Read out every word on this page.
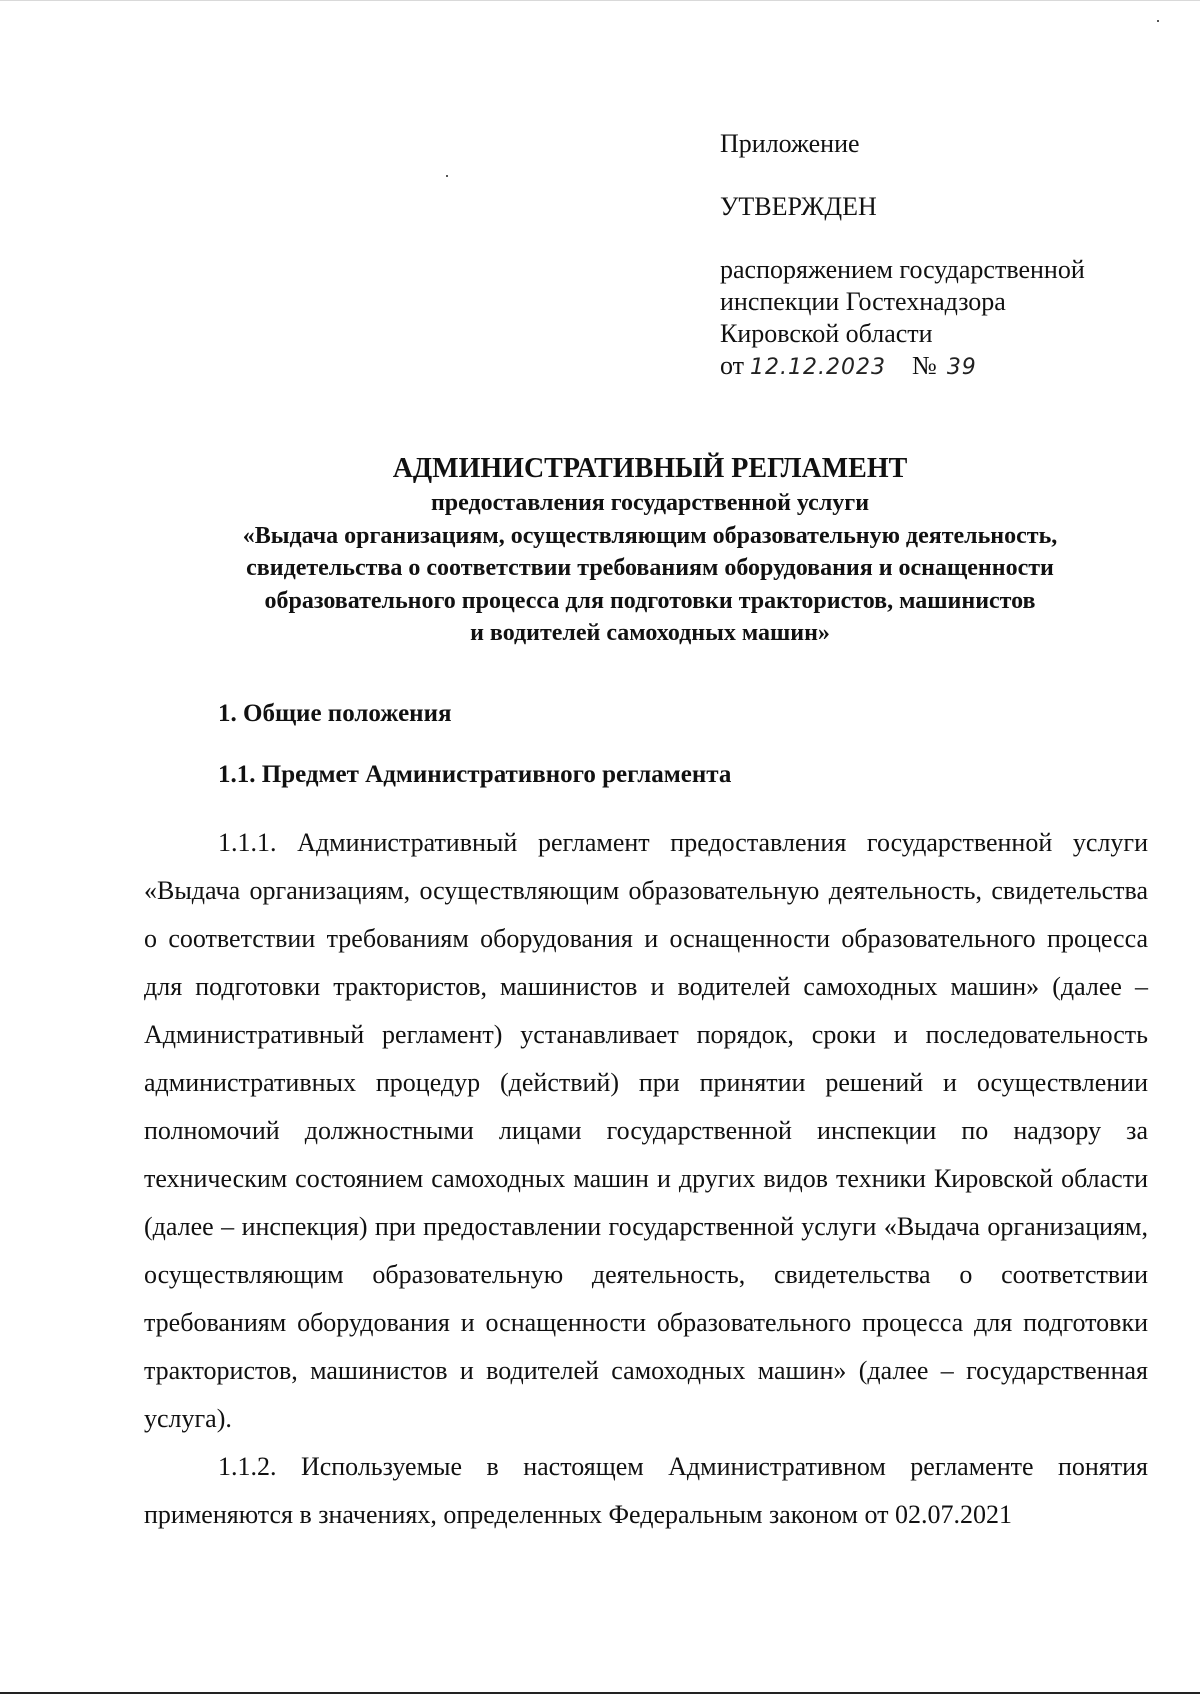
Приложение

УТВЕРЖДЕН

распоряжением государственной

инспекции Гостехнадзора

Кировской области

от 12.12.2023 № 39

АДМИНИСТРАТИВНЫЙ РЕГЛАМЕНТ

предоставления государственной услуги

«Выдача организациям, осуществляющим образовательную деятельность,

свидетельства о соответствии требованиям оборудования и оснащенности

образовательного процесса для подготовки трактористов, машинистов

и водителей самоходных машин»

1. Общие положения

1.1. Предмет Административного регламента

1.1.1. Административный регламент предоставления государственной услуги «Выдача организациям, осуществляющим образовательную деятельность, свидетельства о соответствии требованиям оборудования и оснащенности образовательного процесса для подготовки трактористов, машинистов и водителей самоходных машин» (далее – Административный регламент) устанавливает порядок, сроки и последовательность административных процедур (действий) при принятии решений и осуществлении полномочий должностными лицами государственной инспекции по надзору за техническим состоянием самоходных машин и других видов техники Кировской области (далее – инспекция) при предоставлении государственной услуги «Выдача организациям, осуществляющим образовательную деятельность, свидетельства о соответствии требованиям оборудования и оснащенности образовательного процесса для подготовки трактористов, машинистов и водителей самоходных машин» (далее – государственная услуга).

1.1.2. Используемые в настоящем Административном регламенте понятия применяются в значениях, определенных Федеральным законом от 02.07.2021
